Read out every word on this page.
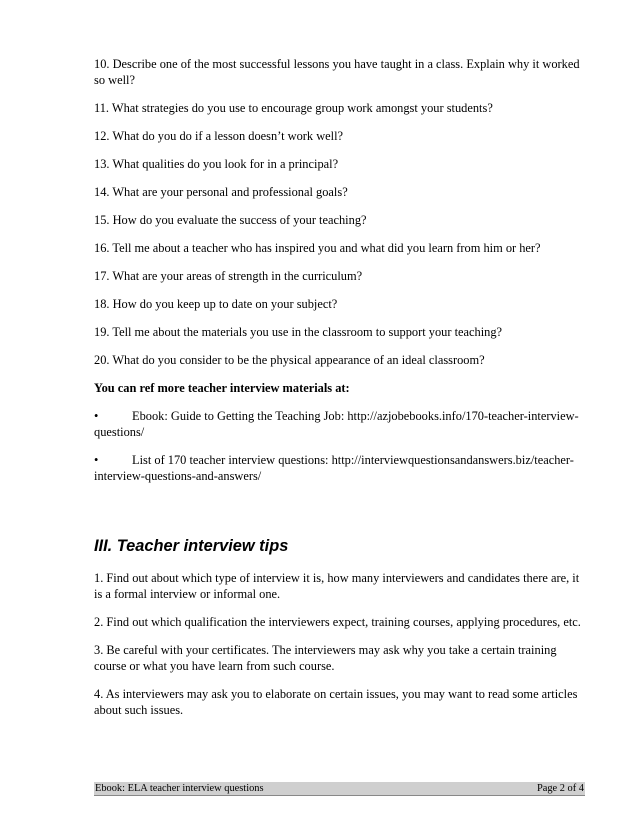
10. Describe one of the most successful lessons you have taught in a class. Explain why it worked so well?

11. What strategies do you use to encourage group work amongst your students?

12. What do you do if a lesson doesn’t work well?

13. What qualities do you look for in a principal?

14. What are your personal and professional goals?

15. How do you evaluate the success of your teaching?

16. Tell me about a teacher who has inspired you and what did you learn from him or her?

17. What are your areas of strength in the curriculum?

18. How do you keep up to date on your subject?

19. Tell me about the materials you use in the classroom to support your teaching?

20. What do you consider to be the physical appearance of an ideal classroom?

You can ref more teacher interview materials at:

•	Ebook: Guide to Getting the Teaching Job: http://azjobebooks.info/170-teacher-interview-
questions/
•	List of 170 teacher interview questions: http://interviewquestionsandanswers.biz/teacher-
interview-questions-and-answers/
III. Teacher interview tips

1. Find out about which type of interview it is, how many interviewers and candidates there are, it is a formal interview or informal one.

2. Find out which qualification the interviewers expect, training courses, applying procedures, etc.

3. Be careful with your certificates. The interviewers may ask why you take a certain training course or what you have learn from such course.

4. As interviewers may ask you to elaborate on certain issues, you may want to read some articles about such issues.

Ebook: ELA teacher interview questions	Page 2 of 4
